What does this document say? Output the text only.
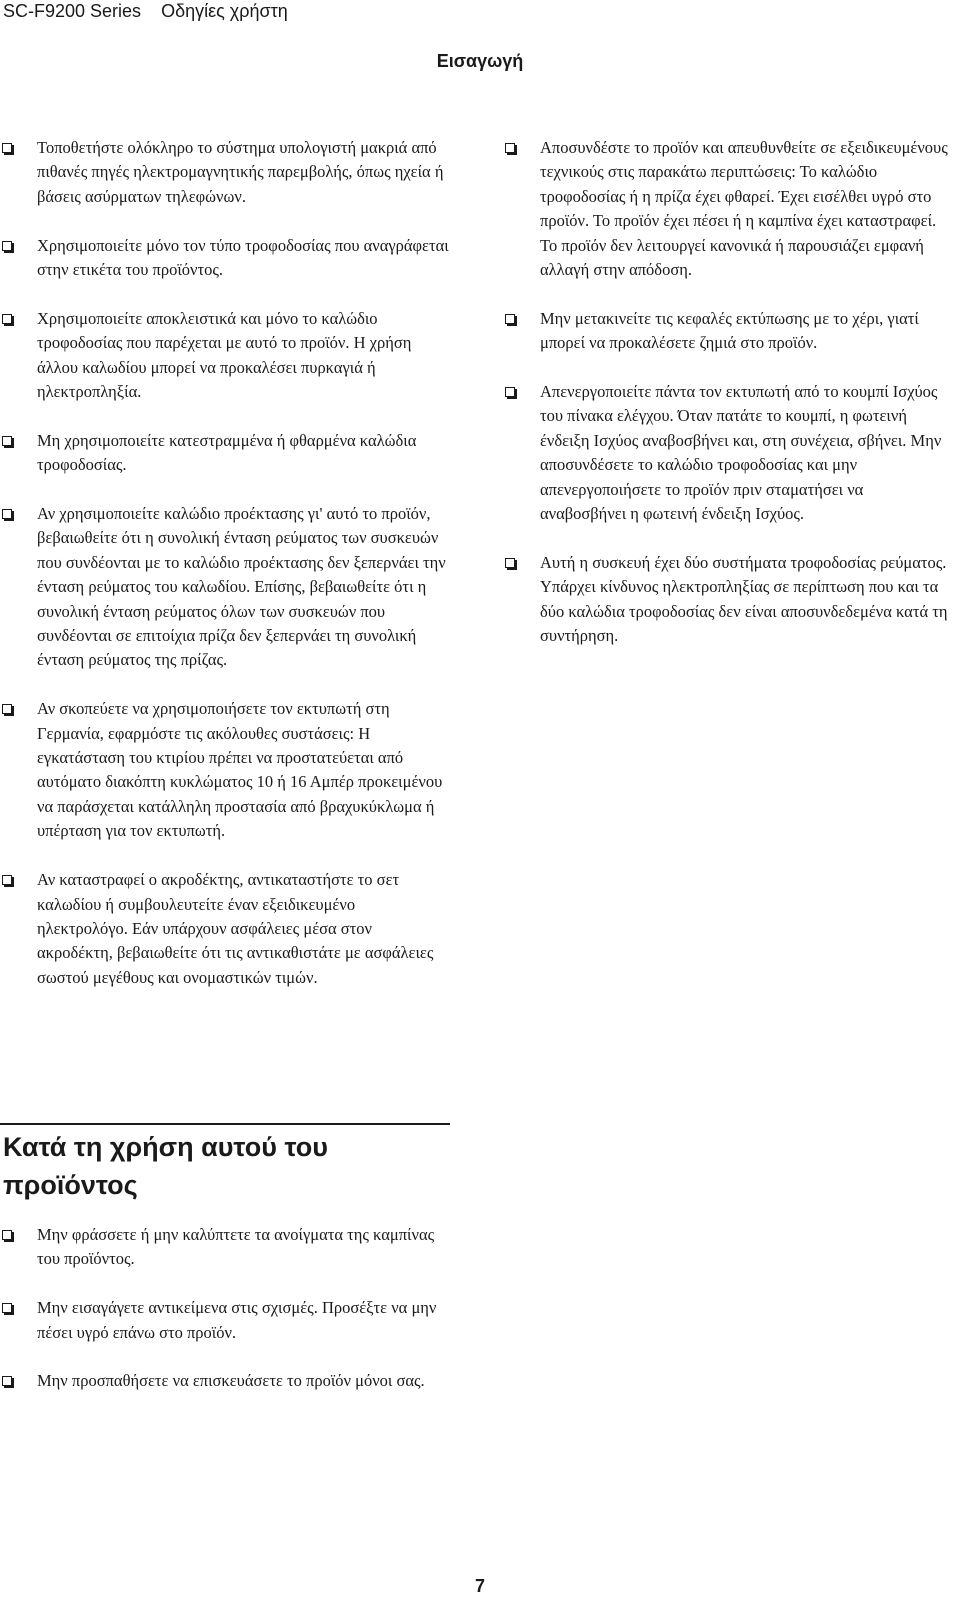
SC-F9200 Series Οδηγίες χρήστη
Εισαγωγή
Τοποθετήστε ολόκληρο το σύστημα υπολογιστή μακριά από πιθανές πηγές ηλεκτρομαγνητικής παρεμβολής, όπως ηχεία ή βάσεις ασύρματων τηλεφώνων.
Χρησιμοποιείτε μόνο τον τύπο τροφοδοσίας που αναγράφεται στην ετικέτα του προϊόντος.
Χρησιμοποιείτε αποκλειστικά και μόνο το καλώδιο τροφοδοσίας που παρέχεται με αυτό το προϊόν. Η χρήση άλλου καλωδίου μπορεί να προκαλέσει πυρκαγιά ή ηλεκτροπληξία.
Μη χρησιμοποιείτε κατεστραμμένα ή φθαρμένα καλώδια τροφοδοσίας.
Αν χρησιμοποιείτε καλώδιο προέκτασης γι' αυτό το προϊόν, βεβαιωθείτε ότι η συνολική ένταση ρεύματος των συσκευών που συνδέονται με το καλώδιο προέκτασης δεν ξεπερνάει την ένταση ρεύματος του καλωδίου. Επίσης, βεβαιωθείτε ότι η συνολική ένταση ρεύματος όλων των συσκευών που συνδέονται σε επιτοίχια πρίζα δεν ξεπερνάει τη συνολική ένταση ρεύματος της πρίζας.
Αν σκοπεύετε να χρησιμοποιήσετε τον εκτυπωτή στη Γερμανία, εφαρμόστε τις ακόλουθες συστάσεις: Η εγκατάσταση του κτιρίου πρέπει να προστατεύεται από αυτόματο διακόπτη κυκλώματος 10 ή 16 Αμπέρ προκειμένου να παράσχεται κατάλληλη προστασία από βραχυκύκλωμα ή υπέρταση για τον εκτυπωτή.
Αν καταστραφεί ο ακροδέκτης, αντικαταστήστε το σετ καλωδίου ή συμβουλευτείτε έναν εξειδικευμένο ηλεκτρολόγο. Εάν υπάρχουν ασφάλειες μέσα στον ακροδέκτη, βεβαιωθείτε ότι τις αντικαθιστάτε με ασφάλειες σωστού μεγέθους και ονομαστικών τιμών.
Αποσυνδέστε το προϊόν και απευθυνθείτε σε εξειδικευμένους τεχνικούς στις παρακάτω περιπτώσεις: Το καλώδιο τροφοδοσίας ή η πρίζα έχει φθαρεί. Έχει εισέλθει υγρό στο προϊόν. Το προϊόν έχει πέσει ή η καμπίνα έχει καταστραφεί. Το προϊόν δεν λειτουργεί κανονικά ή παρουσιάζει εμφανή αλλαγή στην απόδοση.
Μην μετακινείτε τις κεφαλές εκτύπωσης με το χέρι, γιατί μπορεί να προκαλέσετε ζημιά στο προϊόν.
Απενεργοποιείτε πάντα τον εκτυπωτή από το κουμπί Ισχύος του πίνακα ελέγχου. Όταν πατάτε το κουμπί, η φωτεινή ένδειξη Ισχύος αναβοσβήνει και, στη συνέχεια, σβήνει. Μην αποσυνδέσετε το καλώδιο τροφοδοσίας και μην απενεργοποιήσετε το προϊόν πριν σταματήσει να αναβοσβήνει η φωτεινή ένδειξη Ισχύος.
Αυτή η συσκευή έχει δύο συστήματα τροφοδοσίας ρεύματος. Υπάρχει κίνδυνος ηλεκτροπληξίας σε περίπτωση που και τα δύο καλώδια τροφοδοσίας δεν είναι αποσυνδεδεμένα κατά τη συντήρηση.
Κατά τη χρήση αυτού του προϊόντος
Μην φράσσετε ή μην καλύπτετε τα ανοίγματα της καμπίνας του προϊόντος.
Μην εισαγάγετε αντικείμενα στις σχισμές. Προσέξτε να μην πέσει υγρό επάνω στο προϊόν.
Μην προσπαθήσετε να επισκευάσετε το προϊόν μόνοι σας.
7
